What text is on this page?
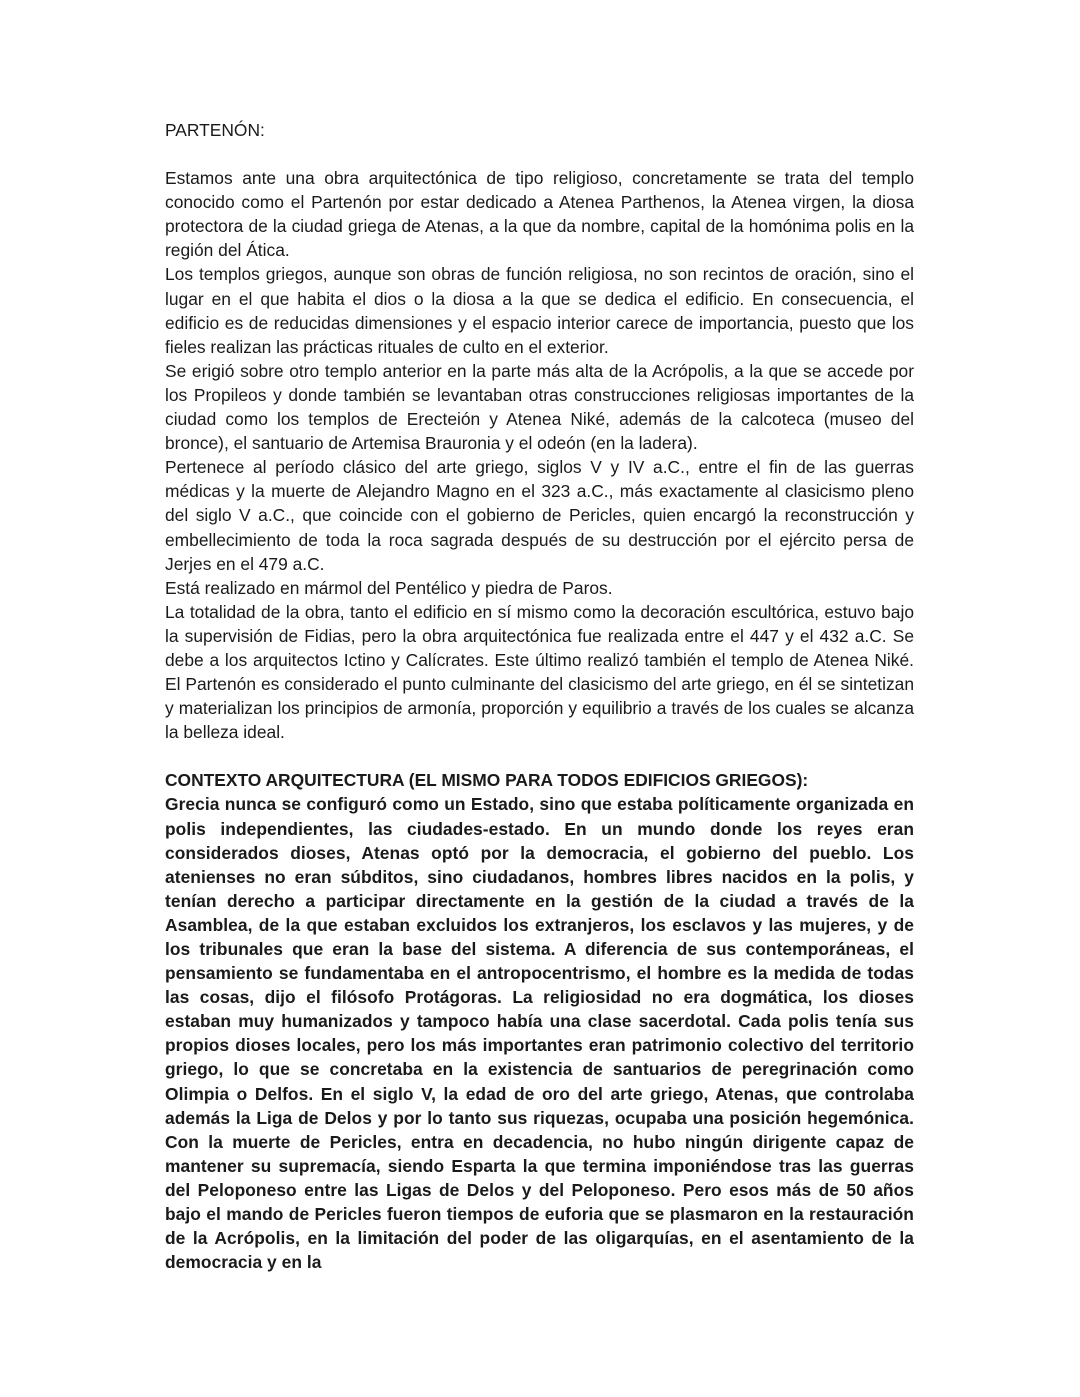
PARTENÓN:

Estamos ante una obra arquitectónica de tipo religioso, concretamente se trata del templo conocido como el Partenón por estar dedicado a Atenea Parthenos, la Atenea virgen, la diosa protectora de la ciudad griega de Atenas, a la que da nombre, capital de la homónima polis en la región del Ática.

Los templos griegos, aunque son obras de función religiosa, no son recintos de oración, sino el lugar en el que habita el dios o la diosa a la que se dedica el edificio. En consecuencia, el edificio es de reducidas dimensiones y el espacio interior carece de importancia, puesto que los fieles realizan las prácticas rituales de culto en el exterior.

Se erigió sobre otro templo anterior en la parte más alta de la Acrópolis, a la que se accede por los Propileos y donde también se levantaban otras construcciones religiosas importantes de la ciudad como los templos de Erecteión y Atenea Niké, además de la calcoteca (museo del bronce), el santuario de Artemisa Brauronia y el odeón (en la ladera).

Pertenece al período clásico del arte griego, siglos V y IV a.C., entre el fin de las guerras médicas y la muerte de Alejandro Magno en el 323 a.C., más exactamente al clasicismo pleno del siglo V a.C., que coincide con el gobierno de Pericles, quien encargó la reconstrucción y embellecimiento de toda la roca sagrada después de su destrucción por el ejército persa de Jerjes en el 479 a.C.

Está realizado en mármol del Pentélico y piedra de Paros.

La totalidad de la obra, tanto el edificio en sí mismo como la decoración escultórica, estuvo bajo la supervisión de Fidias, pero la obra arquitectónica fue realizada entre el 447 y el 432 a.C. Se debe a los arquitectos Ictino y Calícrates. Este último realizó también el templo de Atenea Niké. El Partenón es considerado el punto culminante del clasicismo del arte griego, en él se sintetizan y materializan los principios de armonía, proporción y equilibrio a través de los cuales se alcanza la belleza ideal.

CONTEXTO ARQUITECTURA (EL MISMO PARA TODOS EDIFICIOS GRIEGOS):

Grecia nunca se configuró como un Estado, sino que estaba políticamente organizada en polis independientes, las ciudades-estado. En un mundo donde los reyes eran considerados dioses, Atenas optó por la democracia, el gobierno del pueblo. Los atenienses no eran súbditos, sino ciudadanos, hombres libres nacidos en la polis, y tenían derecho a participar directamente en la gestión de la ciudad a través de la Asamblea, de la que estaban excluidos los extranjeros, los esclavos y las mujeres, y de los tribunales que eran la base del sistema. A diferencia de sus contemporáneas, el pensamiento se fundamentaba en el antropocentrismo, el hombre es la medida de todas las cosas, dijo el filósofo Protágoras. La religiosidad no era dogmática, los dioses estaban muy humanizados y tampoco había una clase sacerdotal. Cada polis tenía sus propios dioses locales, pero los más importantes eran patrimonio colectivo del territorio griego, lo que se concretaba en la existencia de santuarios de peregrinación como Olimpia o Delfos. En el siglo V, la edad de oro del arte griego, Atenas, que controlaba además la Liga de Delos y por lo tanto sus riquezas, ocupaba una posición hegemónica. Con la muerte de Pericles, entra en decadencia, no hubo ningún dirigente capaz de mantener su supremacía, siendo Esparta la que termina imponiéndose tras las guerras del Peloponeso entre las Ligas de Delos y del Peloponeso. Pero esos más de 50 años bajo el mando de Pericles fueron tiempos de euforia que se plasmaron en la restauración de la Acrópolis, en la limitación del poder de las oligarquías, en el asentamiento de la democracia y en la
